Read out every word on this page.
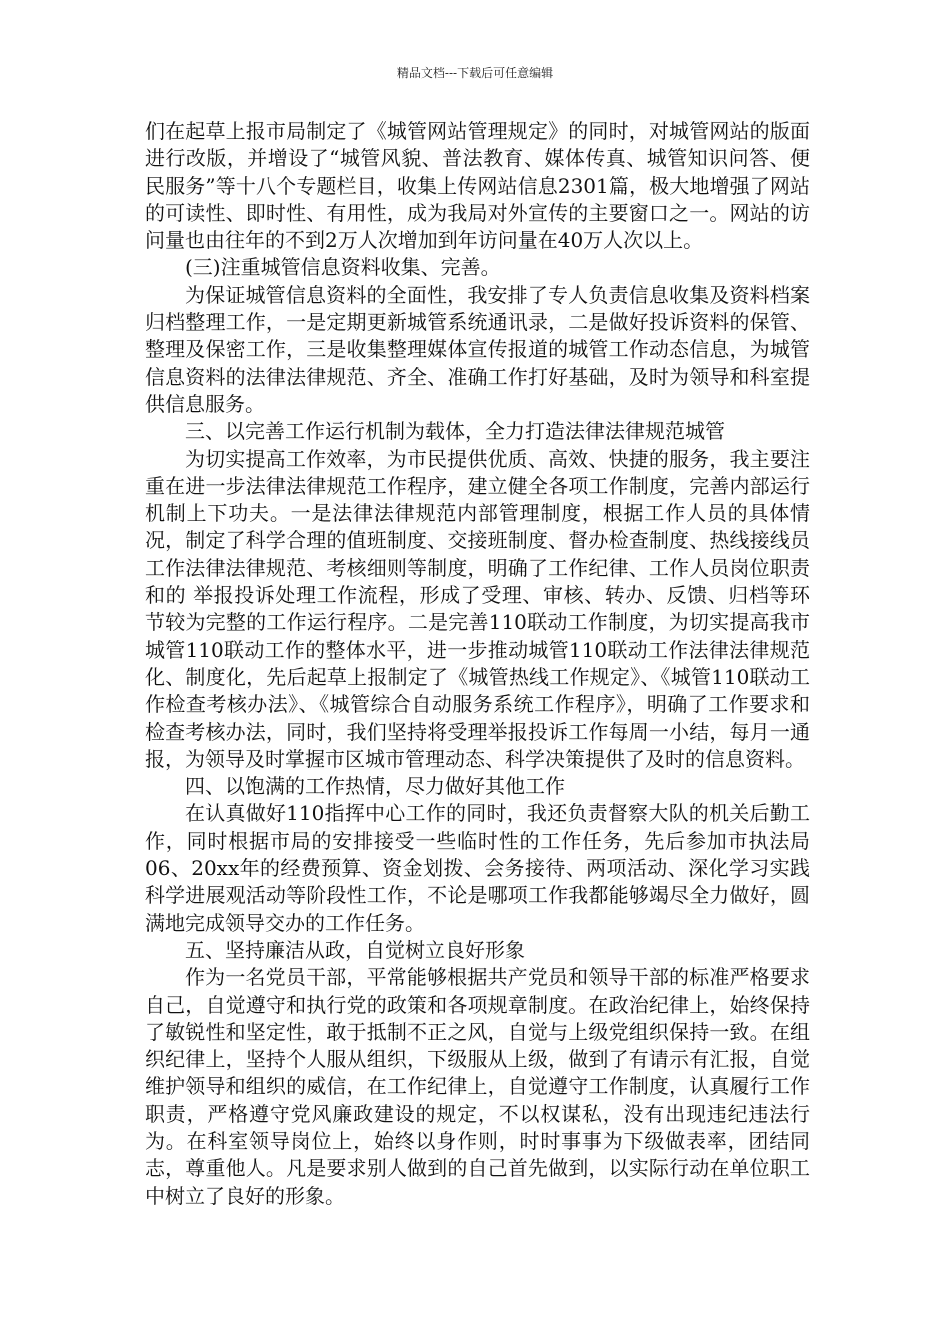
精品文档---下载后可任意编辑

们在起草上报市局制定了《城管网站管理规定》的同时，对城管网站的版面进行改版，并增设了“城管风貌、普法教育、媒体传真、城管知识问答、便民服务”等十八个专题栏目，收集上传网站信息2301篇，极大地增强了网站的可读性、即时性、有用性，成为我局对外宣传的主要窗口之一。网站的访问量也由往年的不到2万人次增加到年访问量在40万人次以上。

(三)注重城管信息资料收集、完善。

为保证城管信息资料的全面性，我安排了专人负责信息收集及资料档案归档整理工作，一是定期更新城管系统通讯录，二是做好投诉资料的保管、整理及保密工作，三是收集整理媒体宣传报道的城管工作动态信息，为城管信息资料的法律法律规范、齐全、准确工作打好基础，及时为领导和科室提供信息服务。

三、以完善工作运行机制为载体，全力打造法律法律规范城管

为切实提高工作效率，为市民提供优质、高效、快捷的服务，我主要注重在进一步法律法律规范工作程序，建立健全各项工作制度，完善内部运行机制上下功夫。一是法律法律规范内部管理制度，根据工作人员的具体情况，制定了科学合理的值班制度、交接班制度、督办检查制度、热线接线员工作法律法律规范、考核细则等制度，明确了工作纪律、工作人员岗位职责和的 举报投诉处理工作流程，形成了受理、审核、转办、反馈、归档等环节较为完整的工作运行程序。二是完善110联动工作制度，为切实提高我市城管110联动工作的整体水平，进一步推动城管110联动工作法律法律规范化、制度化，先后起草上报制定了《城管热线工作规定》、《城管110联动工作检查考核办法》、《城管综合自动服务系统工作程序》，明确了工作要求和检查考核办法，同时，我们坚持将受理举报投诉工作每周一小结，每月一通报，为领导及时掌握市区城市管理动态、科学决策提供了及时的信息资料。

四、以饱满的工作热情，尽力做好其他工作

在认真做好110指挥中心工作的同时，我还负责督察大队的机关后勤工作，同时根据市局的安排接受一些临时性的工作任务，先后参加市执法局06、20xx年的经费预算、资金划拨、会务接待、两项活动、深化学习实践科学进展观活动等阶段性工作，不论是哪项工作我都能够竭尽全力做好，圆满地完成领导交办的工作任务。

五、坚持廉洁从政，自觉树立良好形象

作为一名党员干部，平常能够根据共产党员和领导干部的标准严格要求自己，自觉遵守和执行党的政策和各项规章制度。在政治纪律上，始终保持了敏锐性和坚定性，敢于抵制不正之风，自觉与上级党组织保持一致。在组织纪律上，坚持个人服从组织，下级服从上级，做到了有请示有汇报，自觉维护领导和组织的威信，在工作纪律上，自觉遵守工作制度，认真履行工作职责，严格遵守党风廉政建设的规定，不以权谋私，没有出现违纪违法行为。在科室领导岗位上，始终以身作则，时时事事为下级做表率，团结同志，尊重他人。凡是要求别人做到的自己首先做到，以实际行动在单位职工中树立了良好的形象。
